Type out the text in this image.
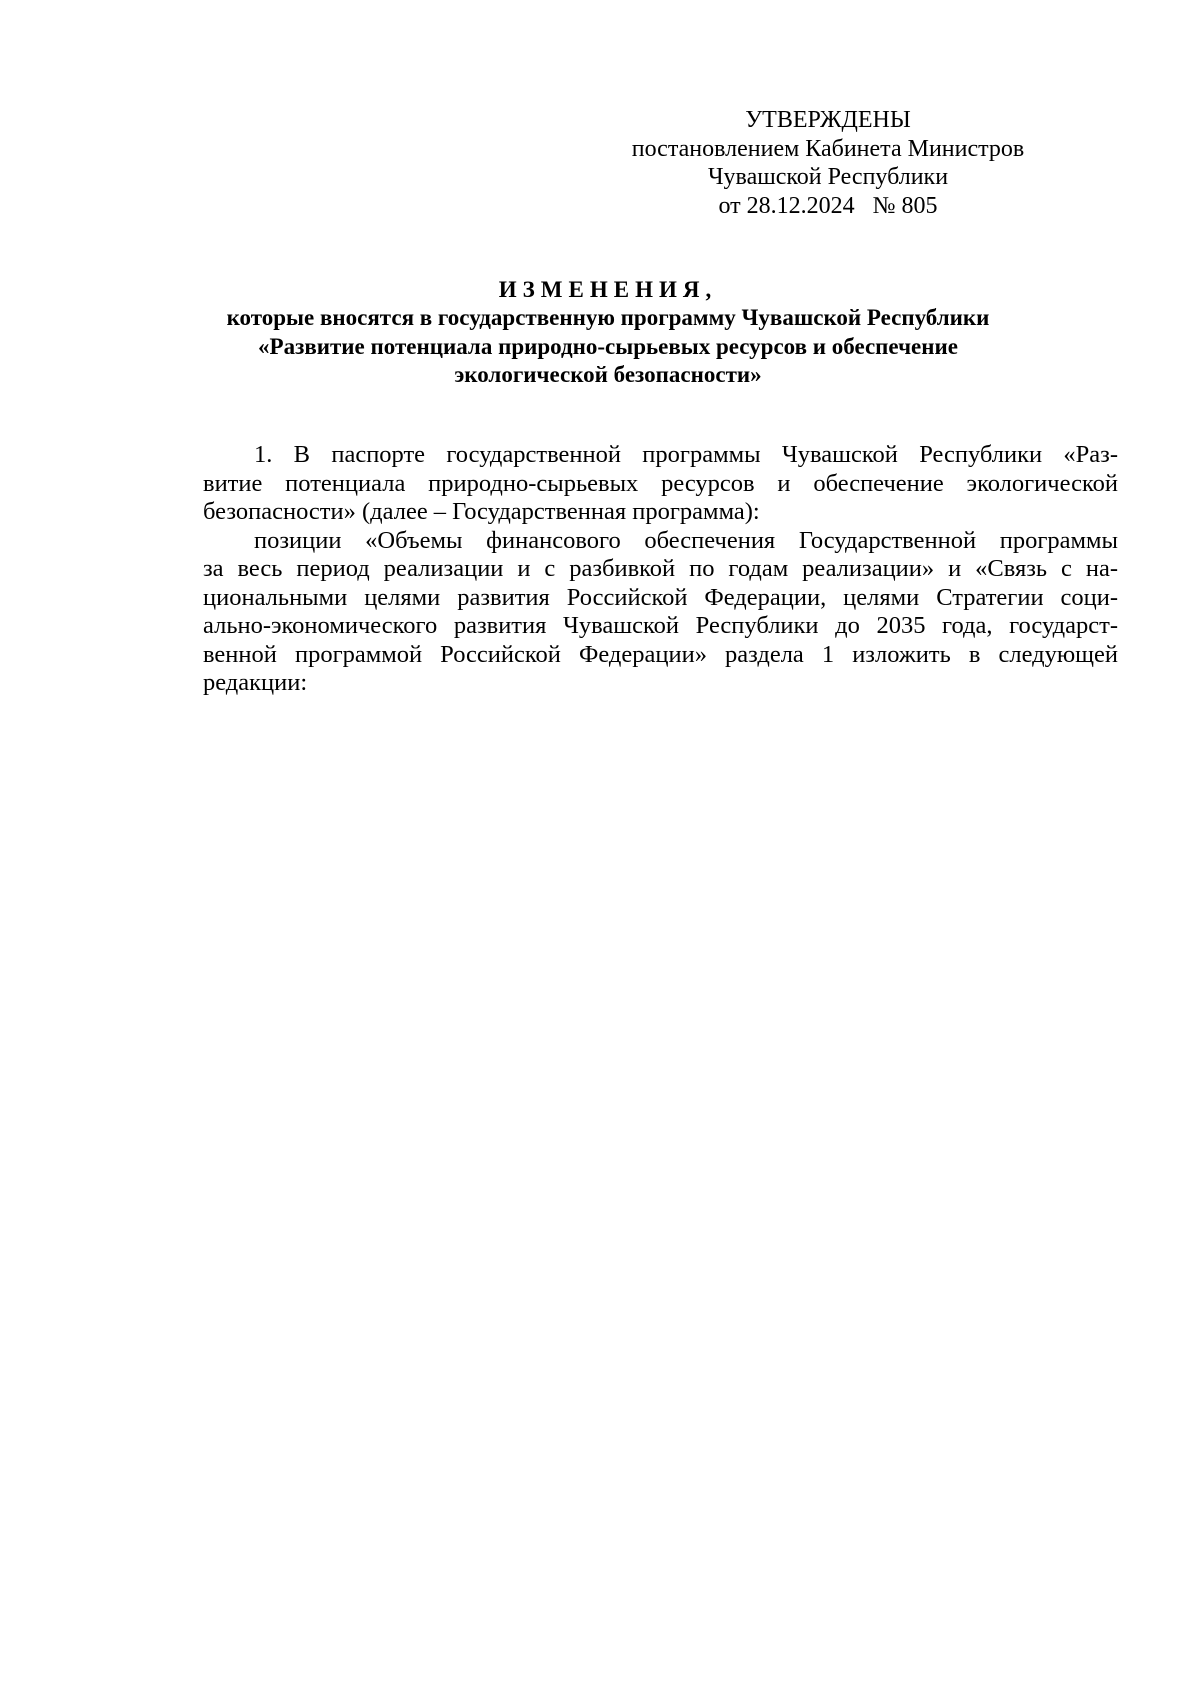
УТВЕРЖДЕНЫ
постановлением Кабинета Министров
Чувашской Республики
от 28.12.2024   № 805
ИЗМЕНЕНИЯ,
которые вносятся в государственную программу Чувашской Республики
«Развитие потенциала природно-сырьевых ресурсов и обеспечение
экологической безопасности»
1. В паспорте государственной программы Чувашской Республики «Раз-
витие потенциала природно-сырьевых ресурсов и обеспечение экологической
безопасности» (далее – Государственная программа):
позиции «Объемы финансового обеспечения Государственной программы
за весь период реализации и с разбивкой по годам реализации» и «Связь с на-
циональными целями развития Российской Федерации, целями Стратегии соци-
ально-экономического развития Чувашской Республики до 2035 года, государст-
венной программой Российской Федерации» раздела 1 изложить в следующей
редакции:
